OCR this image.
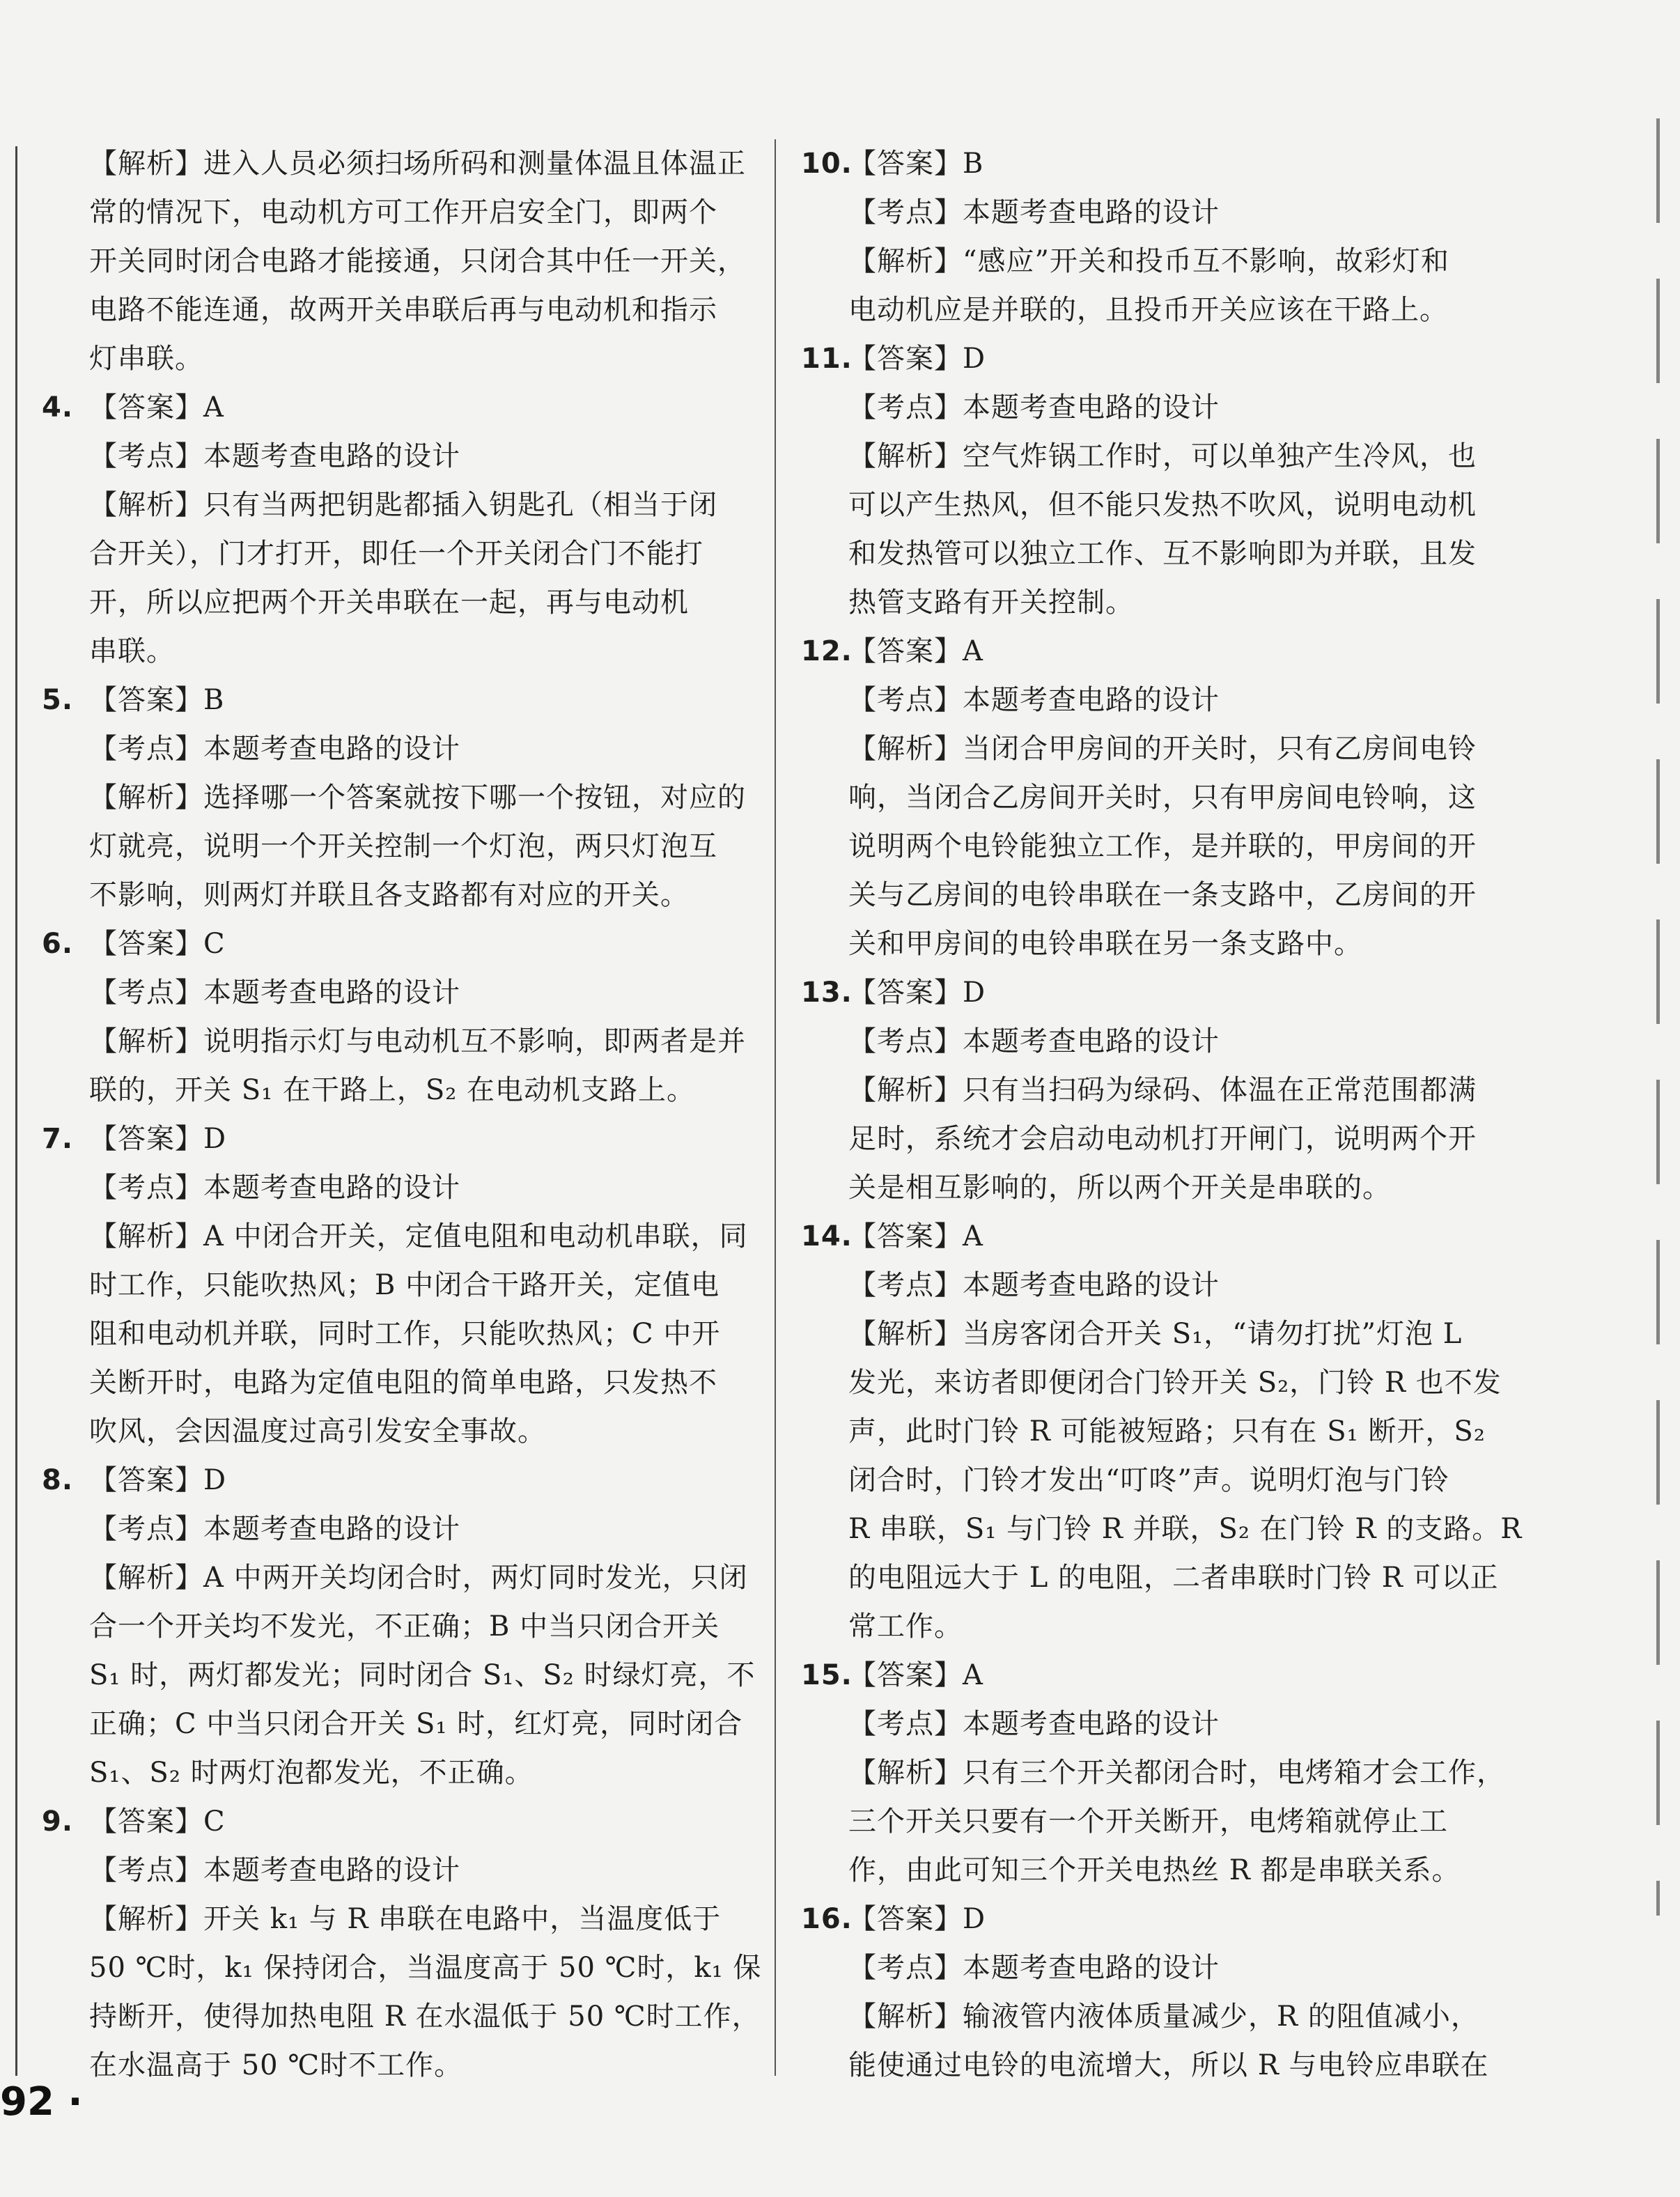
【解析】进入人员必须扫场所码和测量体温且体温正
常的情况下，电动机方可工作开启安全门，即两个
开关同时闭合电路才能接通，只闭合其中任一开关，
电路不能连通，故两开关串联后再与电动机和指示
灯串联。
4. 【答案】A
【考点】本题考查电路的设计
【解析】只有当两把钥匙都插入钥匙孔（相当于闭
合开关），门才打开，即任一个开关闭合门不能打
开，所以应把两个开关串联在一起，再与电动机
串联。
5. 【答案】B
【考点】本题考查电路的设计
【解析】选择哪一个答案就按下哪一个按钮，对应的
灯就亮，说明一个开关控制一个灯泡，两只灯泡互
不影响，则两灯并联且各支路都有对应的开关。
6. 【答案】C
【考点】本题考查电路的设计
【解析】说明指示灯与电动机互不影响，即两者是并
联的，开关 S₁ 在干路上，S₂ 在电动机支路上。
7. 【答案】D
【考点】本题考查电路的设计
【解析】A 中闭合开关，定值电阻和电动机串联，同
时工作，只能吹热风；B 中闭合干路开关，定值电
阻和电动机并联，同时工作，只能吹热风；C 中开
关断开时，电路为定值电阻的简单电路，只发热不
吹风，会因温度过高引发安全事故。
8. 【答案】D
【考点】本题考查电路的设计
【解析】A 中两开关均闭合时，两灯同时发光，只闭
合一个开关均不发光，不正确；B 中当只闭合开关
S₁ 时，两灯都发光；同时闭合 S₁、S₂ 时绿灯亮，不
正确；C 中当只闭合开关 S₁ 时，红灯亮，同时闭合
S₁、S₂ 时两灯泡都发光，不正确。
9. 【答案】C
【考点】本题考查电路的设计
【解析】开关 k₁ 与 R 串联在电路中，当温度低于
50 ℃时，k₁ 保持闭合，当温度高于 50 ℃时，k₁ 保
持断开，使得加热电阻 R 在水温低于 50 ℃时工作，
在水温高于 50 ℃时不工作。
10.【答案】B
【考点】本题考查电路的设计
【解析】“感应”开关和投币互不影响，故彩灯和
电动机应是并联的，且投币开关应该在干路上。
11.【答案】D
【考点】本题考查电路的设计
【解析】空气炸锅工作时，可以单独产生冷风，也
可以产生热风，但不能只发热不吹风，说明电动机
和发热管可以独立工作、互不影响即为并联，且发
热管支路有开关控制。
12.【答案】A
【考点】本题考查电路的设计
【解析】当闭合甲房间的开关时，只有乙房间电铃
响，当闭合乙房间开关时，只有甲房间电铃响，这
说明两个电铃能独立工作，是并联的，甲房间的开
关与乙房间的电铃串联在一条支路中，乙房间的开
关和甲房间的电铃串联在另一条支路中。
13.【答案】D
【考点】本题考查电路的设计
【解析】只有当扫码为绿码、体温在正常范围都满
足时，系统才会启动电动机打开闸门，说明两个开
关是相互影响的，所以两个开关是串联的。
14.【答案】A
【考点】本题考查电路的设计
【解析】当房客闭合开关 S₁，“请勿打扰”灯泡 L
发光，来访者即便闭合门铃开关 S₂，门铃 R 也不发
声，此时门铃 R 可能被短路；只有在 S₁ 断开，S₂
闭合时，门铃才发出“叮咚”声。说明灯泡与门铃
R 串联，S₁ 与门铃 R 并联，S₂ 在门铃 R 的支路。R
的电阻远大于 L 的电阻，二者串联时门铃 R 可以正
常工作。
15.【答案】A
【考点】本题考查电路的设计
【解析】只有三个开关都闭合时，电烤箱才会工作，
三个开关只要有一个开关断开，电烤箱就停止工
作，由此可知三个开关电热丝 R 都是串联关系。
16.【答案】D
【考点】本题考查电路的设计
【解析】输液管内液体质量减少，R 的阻值减小，
能使通过电铃的电流增大，所以 R 与电铃应串联在
92 ·
